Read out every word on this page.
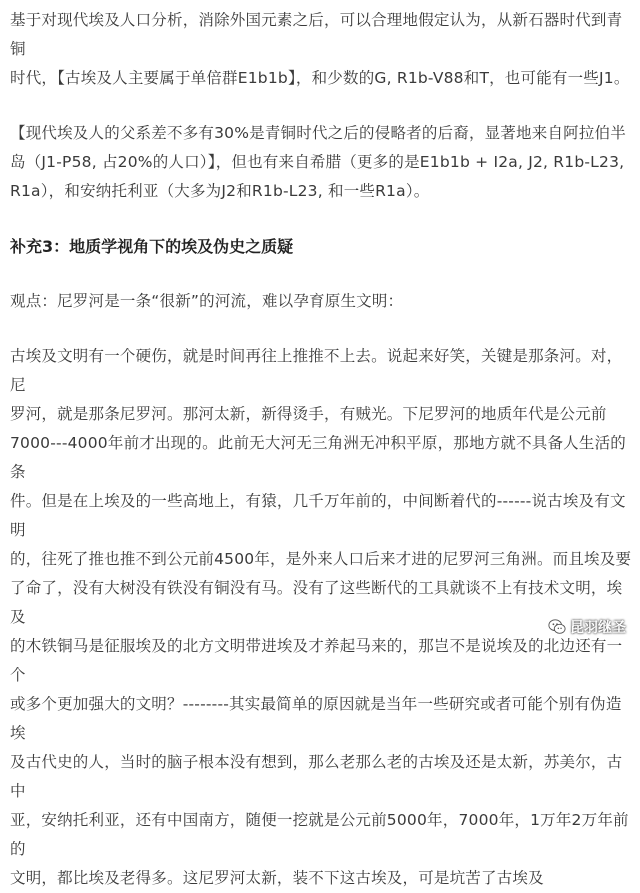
基于对现代埃及人口分析，消除外国元素之后，可以合理地假定认为，从新石器时代到青铜
时代，【古埃及人主要属于单倍群E1b1b】，和少数的G, R1b-V88和T，也可能有一些J1。

【现代埃及人的父系差不多有30%是青铜时代之后的侵略者的后裔，显著地来自阿拉伯半
岛（J1-P58, 占20%的人口）】，但也有来自希腊（更多的是E1b1b + I2a, J2, R1b-L23,
R1a），和安纳托利亚（大多为J2和R1b-L23, 和一些R1a）。

补充3：地质学视角下的埃及伪史之质疑

观点：尼罗河是一条“很新”的河流，难以孕育原生文明：

古埃及文明有一个硬伤，就是时间再往上推推不上去。说起来好笑，关键是那条河。对，尼
罗河，就是那条尼罗河。那河太新，新得烫手，有贼光。下尼罗河的地质年代是公元前
7000---4000年前才出现的。此前无大河无三角洲无冲积平原，那地方就不具备人生活的条
件。但是在上埃及的一些高地上，有猿，几千万年前的，中间断着代的------说古埃及有文明
的，往死了推也推不到公元前4500年，是外来人口后来才进的尼罗河三角洲。而且埃及要
了命了，没有大树没有铁没有铜没有马。没有了这些断代的工具就谈不上有技术文明，埃及
的木铁铜马是征服埃及的北方文明带进埃及才养起马来的，那岂不是说埃及的北边还有一个
或多个更加强大的文明？--------其实最简单的原因就是当年一些研究或者可能个别有伪造埃
及古代史的人，当时的脑子根本没有想到，那么老那么老的古埃及还是太新，苏美尔，古中
亚，安纳托利亚，还有中国南方，随便一挖就是公元前5000年，7000年，1万年2万年前的
文明，都比埃及老得多。这尼罗河太新，装不下这古埃及，可是坑苦了古埃及

昆羽继圣
